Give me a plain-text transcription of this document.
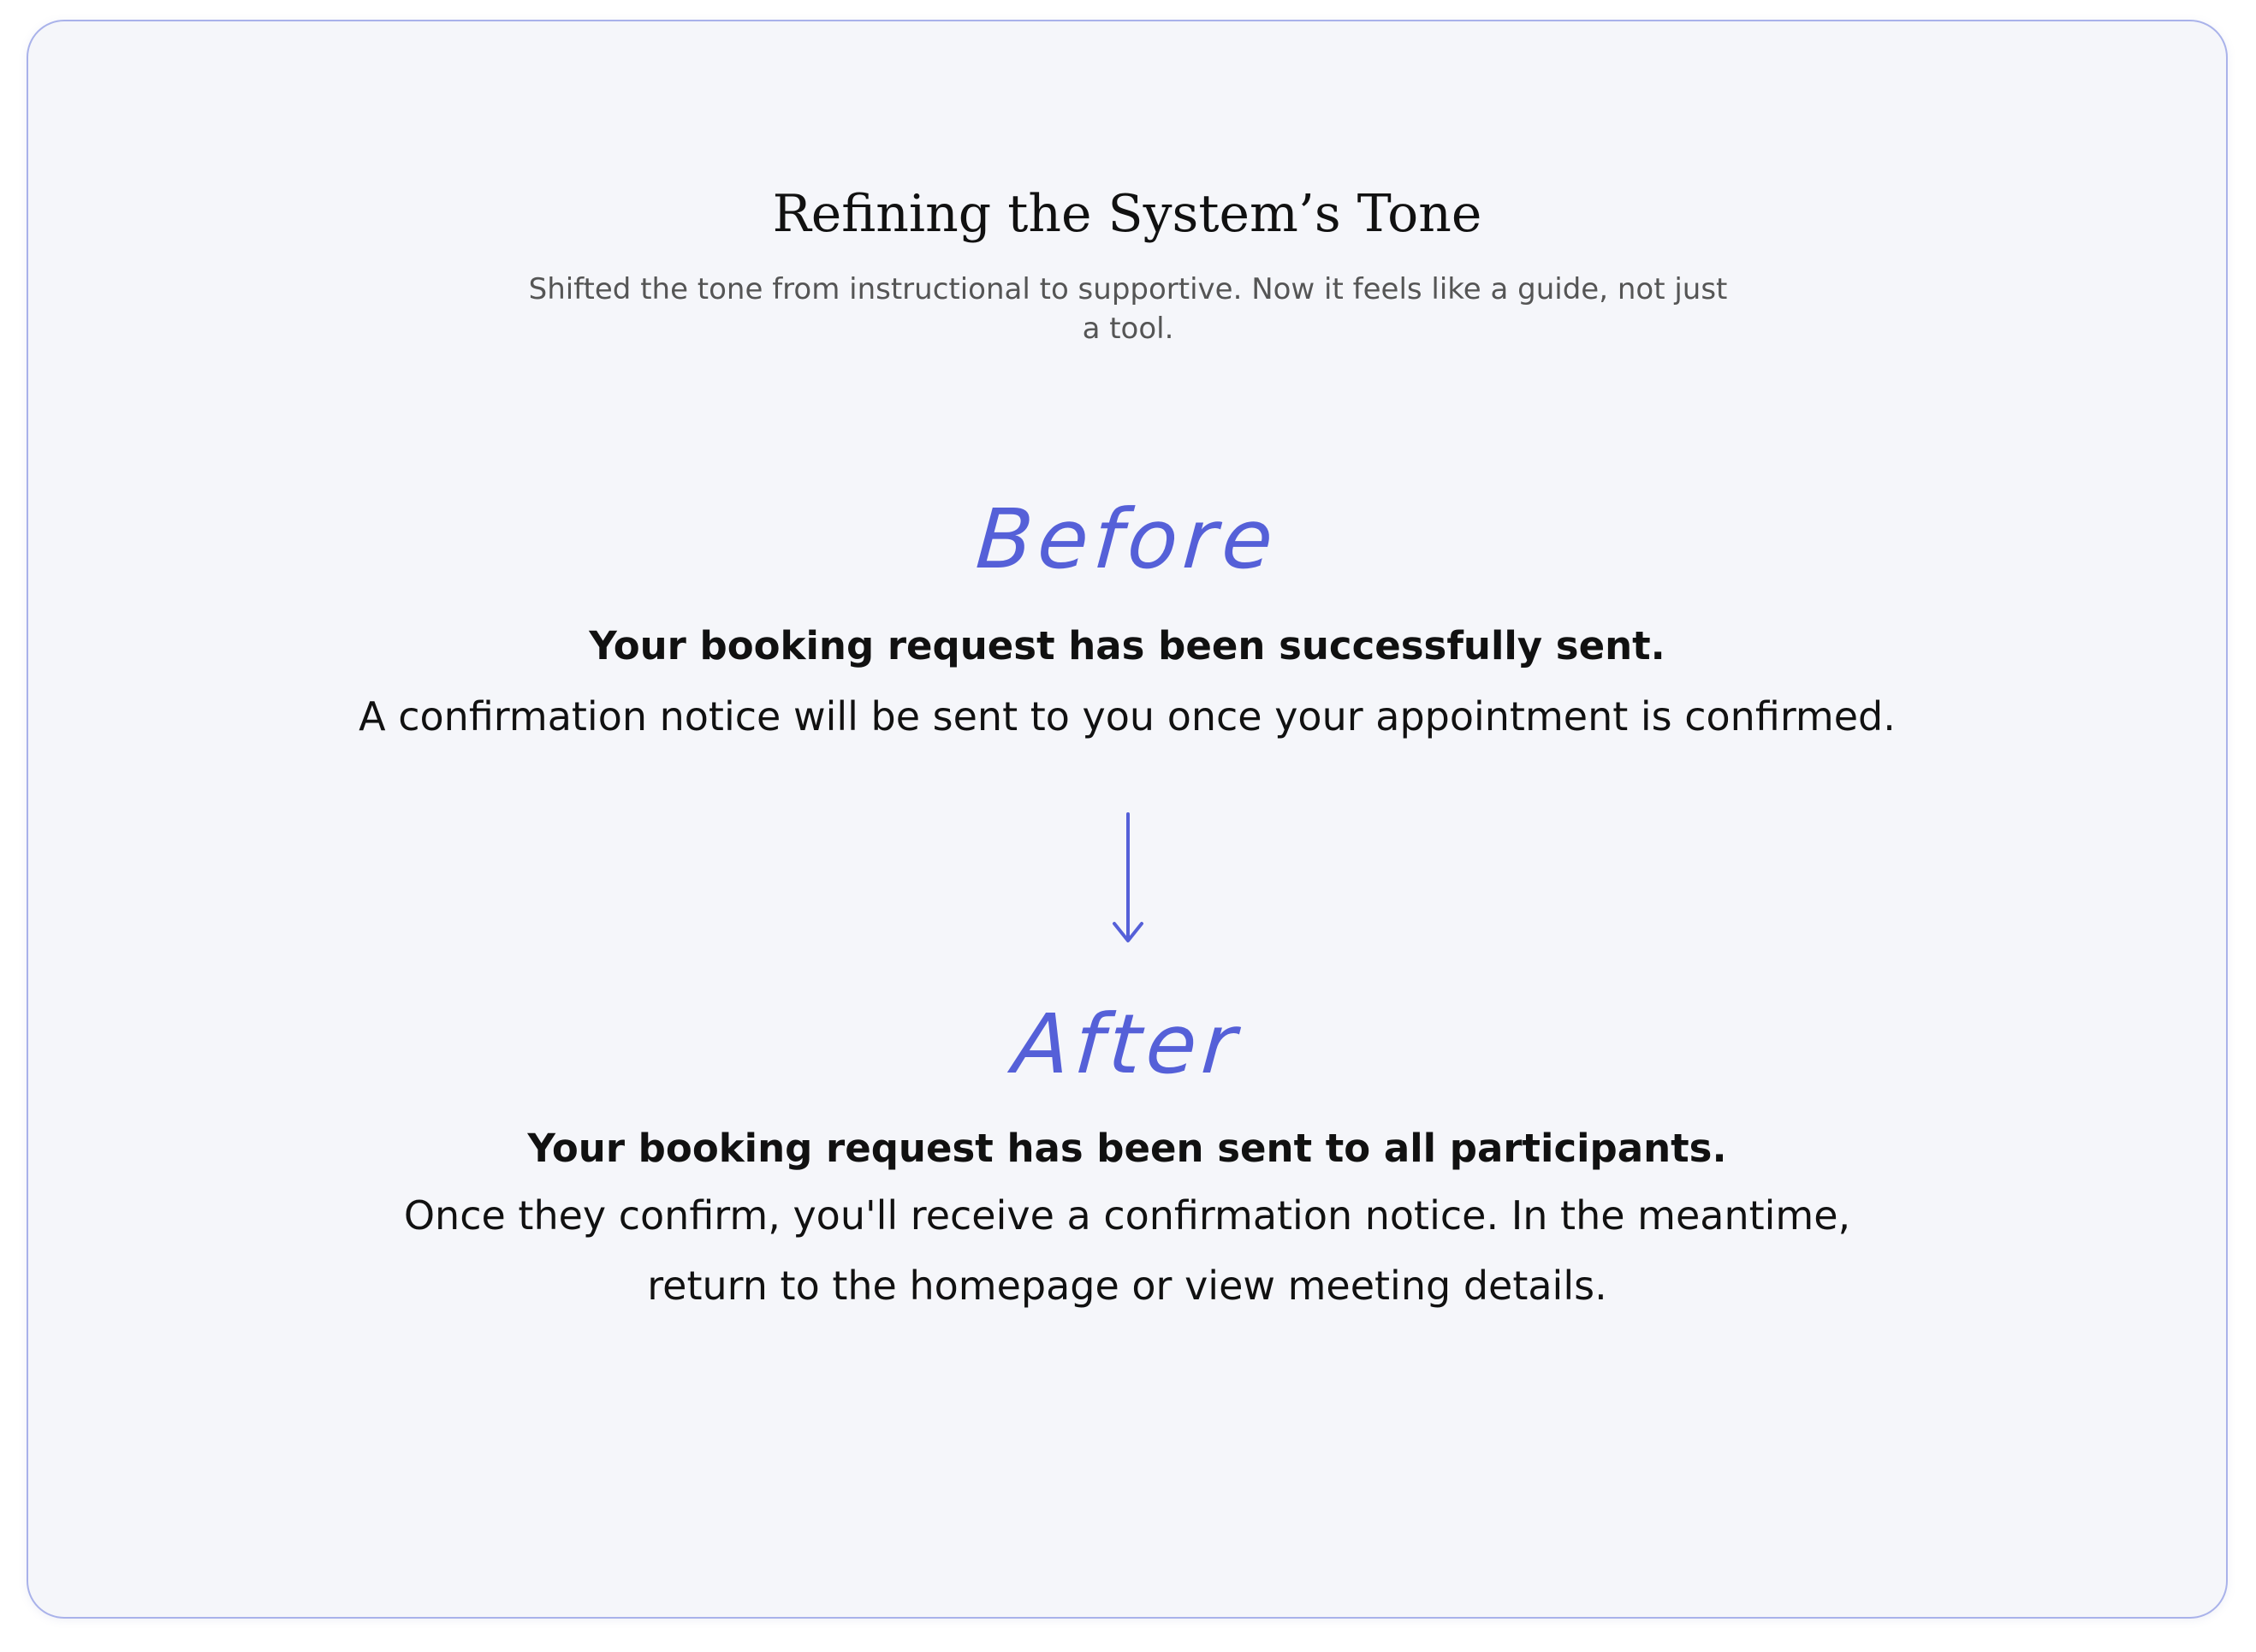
Refining the System’s Tone

Shifted the tone from instructional to supportive. Now it feels like a guide, not just a tool.

Before
Your booking request has been successfully sent.
A confirmation notice will be sent to you once your appointment is confirmed.
After
Your booking request has been sent to all participants.
Once they confirm, you'll receive a confirmation notice. In the meantime,
return to the homepage or view meeting details.
